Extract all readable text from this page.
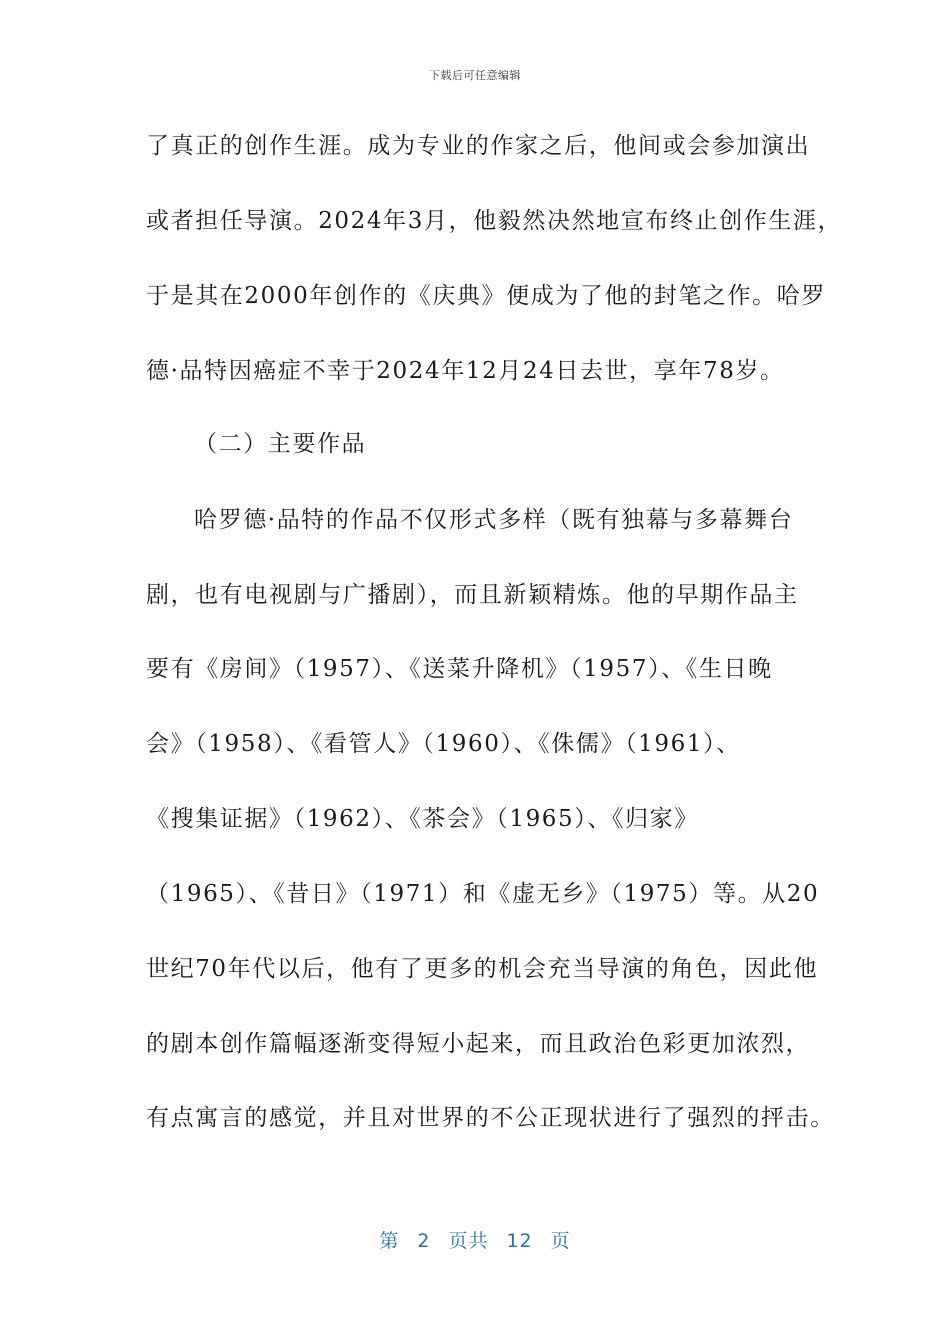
下载后可任意编辑
了真正的创作生涯。成为专业的作家之后，他间或会参加演出
或者担任导演。2024年3月，他毅然决然地宣布终止创作生涯，
于是其在2000年创作的《庆典》便成为了他的封笔之作。哈罗
德·品特因癌症不幸于2024年12月24日去世，享年78岁。
（二）主要作品
哈罗德·品特的作品不仅形式多样（既有独幕与多幕舞台
剧，也有电视剧与广播剧），而且新颖精炼。他的早期作品主
要有《房间》（1957）、《送菜升降机》（1957）、《生日晚
会》（1958）、《看管人》（1960）、《侏儒》（1961）、
《搜集证据》（1962）、《茶会》（1965）、《归家》
（1965）、《昔日》（1971）和《虚无乡》（1975）等。从20
世纪70年代以后，他有了更多的机会充当导演的角色，因此他
的剧本创作篇幅逐渐变得短小起来，而且政治色彩更加浓烈，
有点寓言的感觉，并且对世界的不公正现状进行了强烈的抨击。
第 2 页共 12 页
